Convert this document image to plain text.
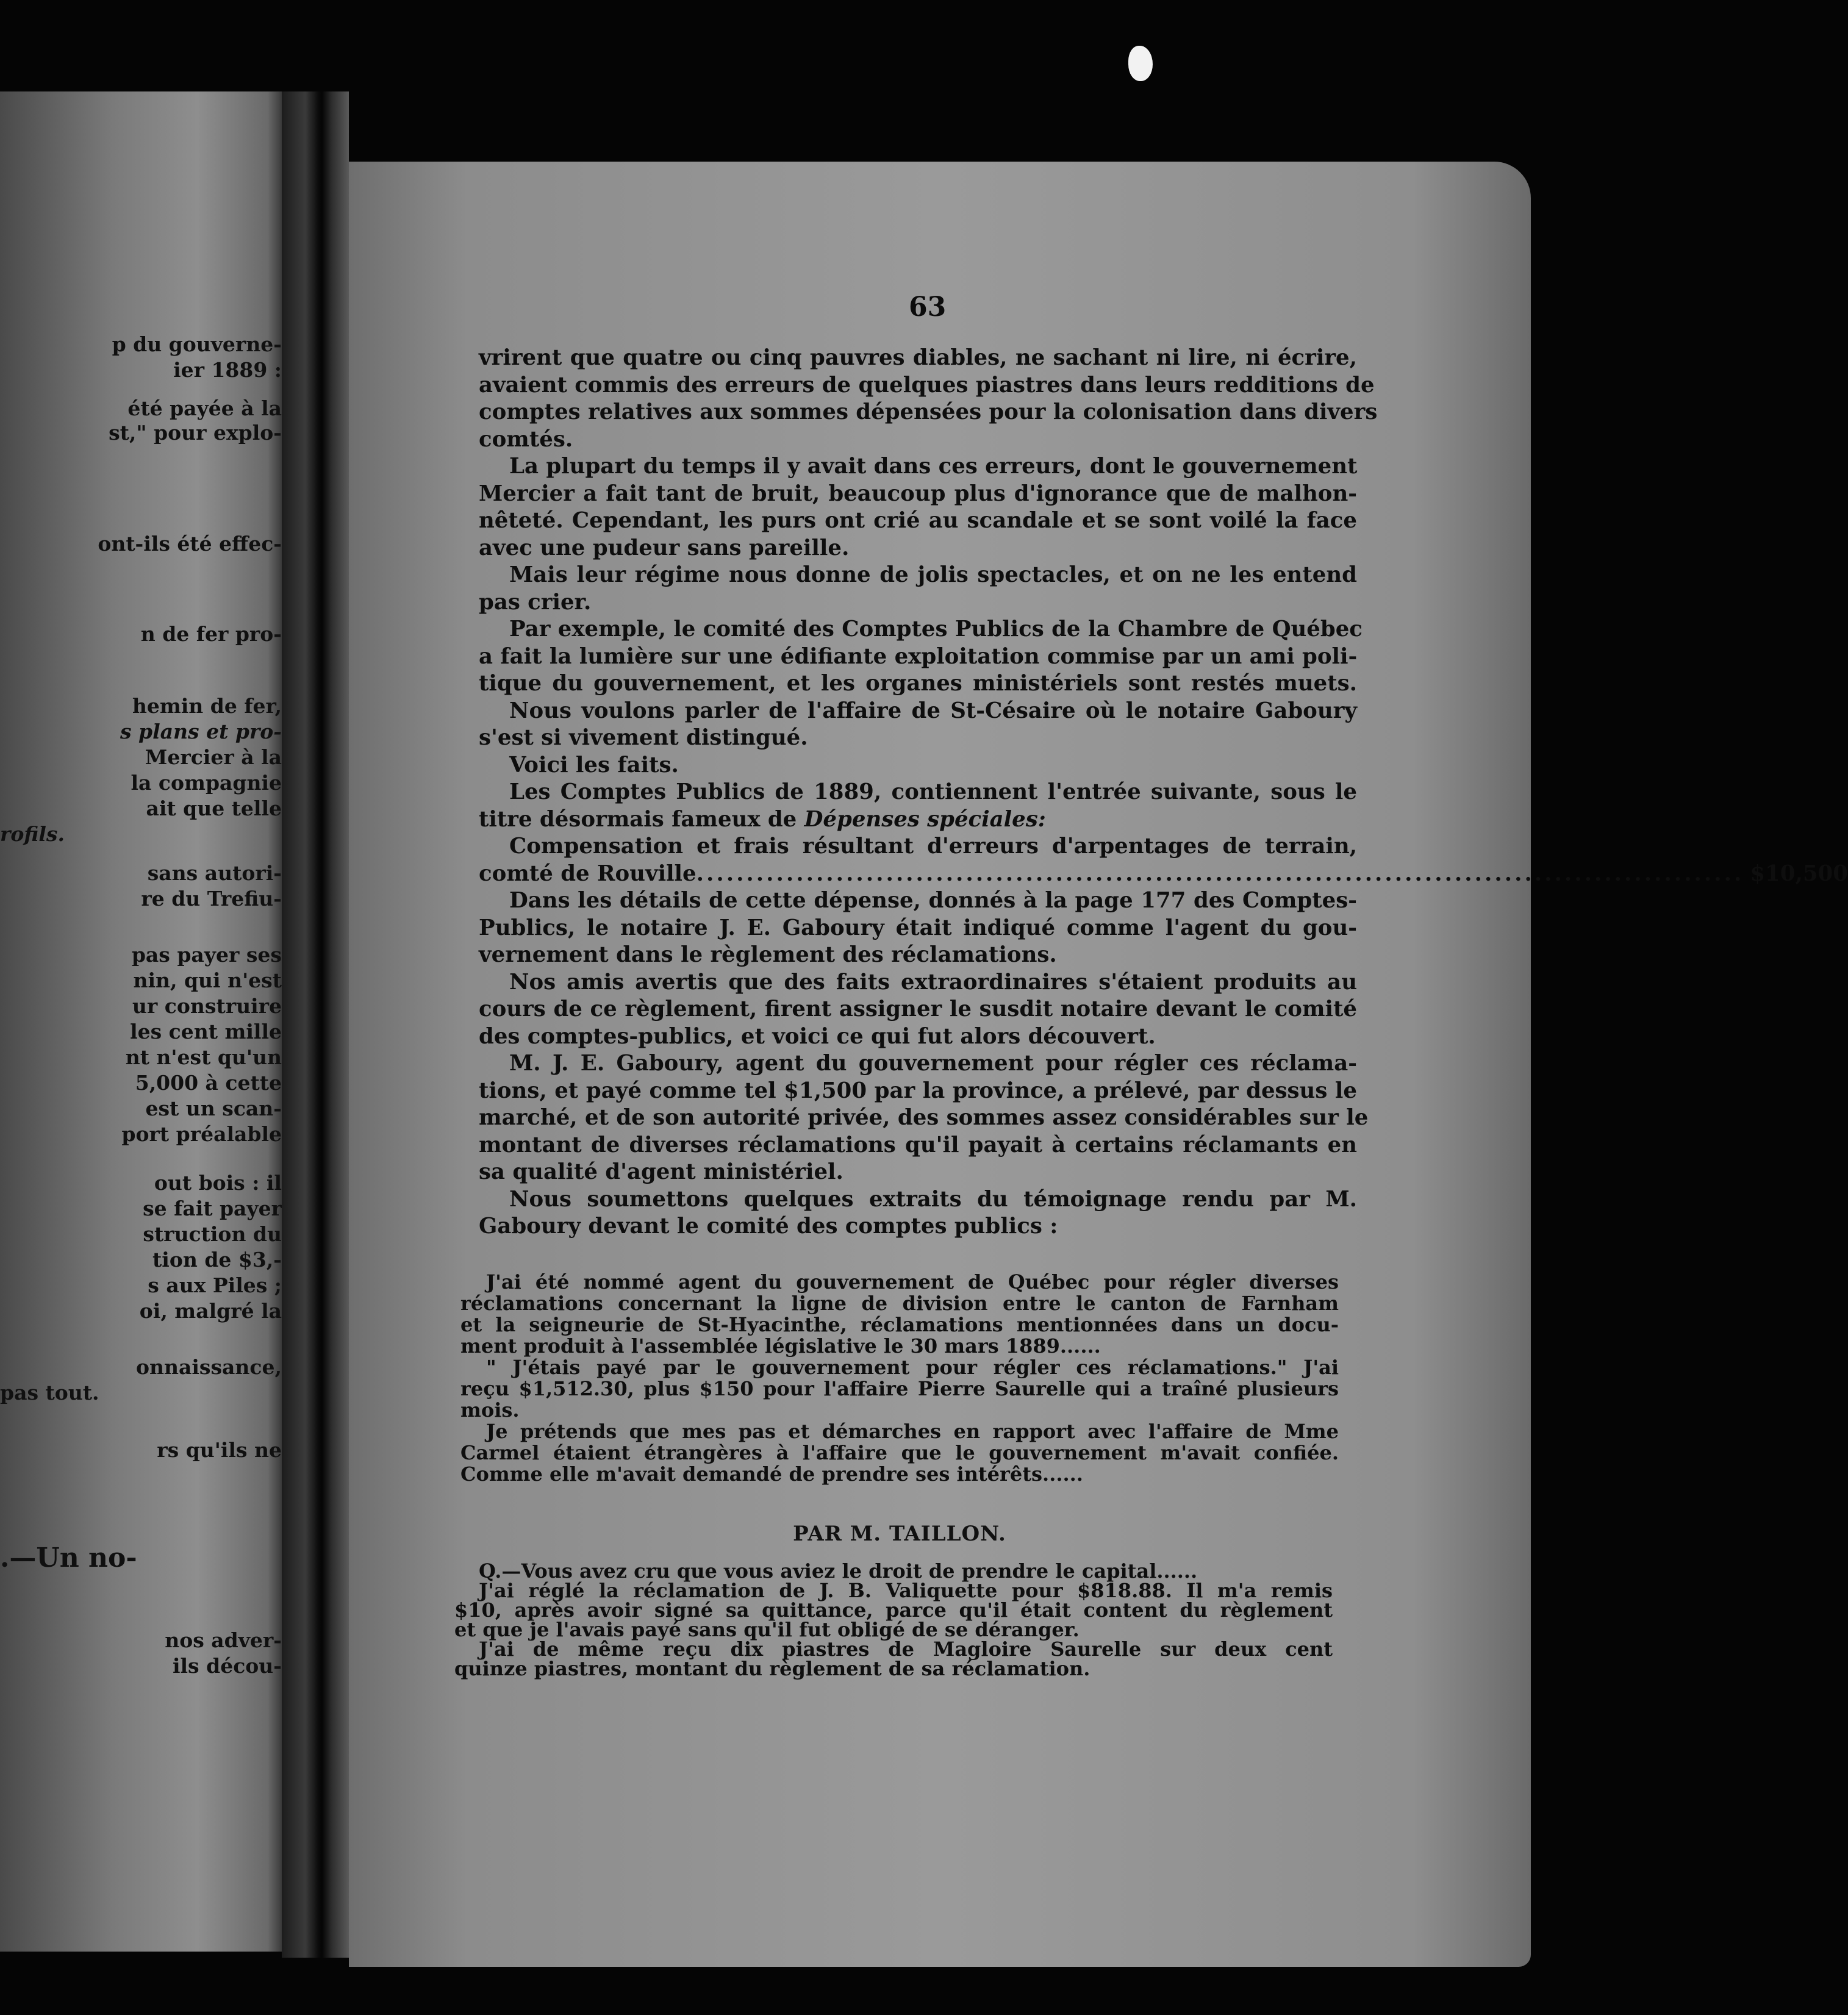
p du gouverne-
ier 1889 :
été payée à la
st," pour explo-
ont-ils été effec-
n de fer pro-
hemin de fer,
s plans et pro-
Mercier à la
la compagnie
ait que telle
rofils.
sans autori-
re du Trefiu-
pas payer ses
nin, qui n'est
ur construire
les cent mille
nt n'est qu'un
5,000 à cette
est un scan-
port préalable
out bois : il
se fait payer
struction du
tion de $3,-
s aux Piles ;
oi, malgré la
onnaissance,
pas tout.
rs qu'ils ne
.—Un no-
nos adver-
ils décou-
63
vrirent que quatre ou cinq pauvres diables, ne sachant ni lire, ni écrire,
avaient commis des erreurs de quelques piastres dans leurs redditions de
comptes relatives aux sommes dépensées pour la colonisation dans divers
comtés.
La plupart du temps il y avait dans ces erreurs, dont le gouvernement
Mercier a fait tant de bruit, beaucoup plus d'ignorance que de malhon-
nêteté. Cependant, les purs ont crié au scandale et se sont voilé la face
avec une pudeur sans pareille.
Mais leur régime nous donne de jolis spectacles, et on ne les entend
pas crier.
Par exemple, le comité des Comptes Publics de la Chambre de Québec
a fait la lumière sur une édifiante exploitation commise par un ami poli-
tique du gouvernement, et les organes ministériels sont restés muets.
Nous voulons parler de l'affaire de St-Césaire où le notaire Gaboury
s'est si vivement distingué.
Voici les faits.
Les Comptes Publics de 1889, contiennent l'entrée suivante, sous le
titre désormais fameux de Dépenses spéciales:
Compensation et frais résultant d'erreurs d'arpentages de terrain,
comté de Rouville ......................................................................................................... $10,500
Dans les détails de cette dépense, donnés à la page 177 des Comptes-
Publics, le notaire J. E. Gaboury était indiqué comme l'agent du gou-
vernement dans le règlement des réclamations.
Nos amis avertis que des faits extraordinaires s'étaient produits au
cours de ce règlement, firent assigner le susdit notaire devant le comité
des comptes-publics, et voici ce qui fut alors découvert.
M. J. E. Gaboury, agent du gouvernement pour régler ces réclama-
tions, et payé comme tel $1,500 par la province, a prélevé, par dessus le
marché, et de son autorité privée, des sommes assez considérables sur le
montant de diverses réclamations qu'il payait à certains réclamants en
sa qualité d'agent ministériel.
Nous soumettons quelques extraits du témoignage rendu par M.
Gaboury devant le comité des comptes publics :
J'ai été nommé agent du gouvernement de Québec pour régler diverses
réclamations concernant la ligne de division entre le canton de Farnham
et la seigneurie de St-Hyacinthe, réclamations mentionnées dans un docu-
ment produit à l'assemblée législative le 30 mars 1889......
" J'étais payé par le gouvernement pour régler ces réclamations." J'ai
reçu $1,512.30, plus $150 pour l'affaire Pierre Saurelle qui a traîné plusieurs
mois.
Je prétends que mes pas et démarches en rapport avec l'affaire de Mme
Carmel étaient étrangères à l'affaire que le gouvernement m'avait confiée.
Comme elle m'avait demandé de prendre ses intérêts......
PAR M. TAILLON.
Q.—Vous avez cru que vous aviez le droit de prendre le capital......
J'ai réglé la réclamation de J. B. Valiquette pour $818.88. Il m'a remis
$10, après avoir signé sa quittance, parce qu'il était content du règlement
et que je l'avais payé sans qu'il fut obligé de se déranger.
J'ai de même reçu dix piastres de Magloire Saurelle sur deux cent
quinze piastres, montant du règlement de sa réclamation.
